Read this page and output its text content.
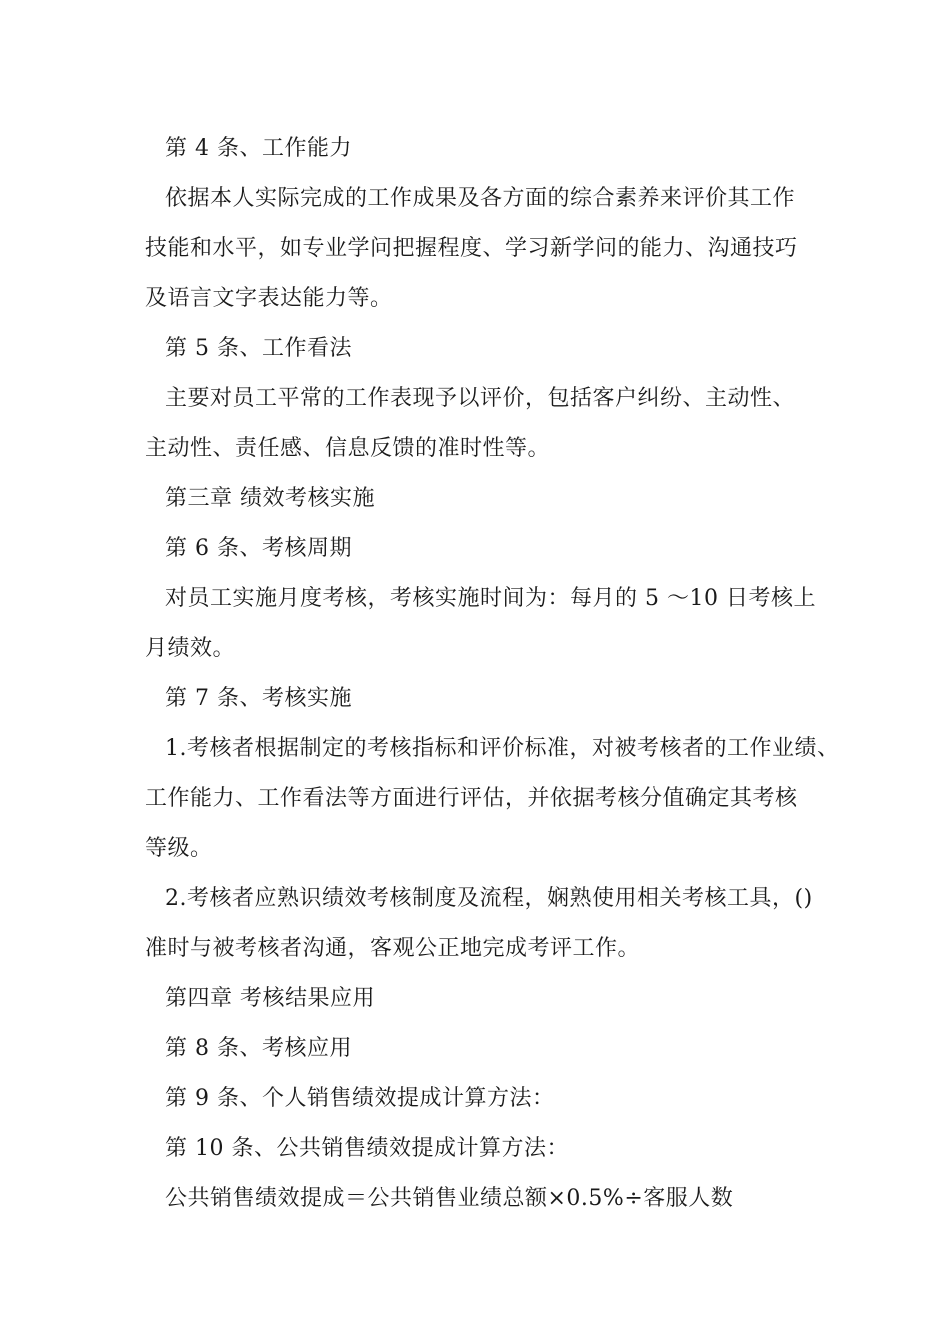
第 4 条、工作能力
依据本人实际完成的工作成果及各方面的综合素养来评价其工作
技能和水平，如专业学问把握程度、学习新学问的能力、沟通技巧
及语言文字表达能力等。
第 5 条、工作看法
主要对员工平常的工作表现予以评价，包括客户纠纷、主动性、
主动性、责任感、信息反馈的准时性等。
第三章 绩效考核实施
第 6 条、考核周期
对员工实施月度考核，考核实施时间为：每月的 5 ～10 日考核上
月绩效。
第 7 条、考核实施
1.考核者根据制定的考核指标和评价标准，对被考核者的工作业绩、
工作能力、工作看法等方面进行评估，并依据考核分值确定其考核
等级。
2.考核者应熟识绩效考核制度及流程，娴熟使用相关考核工具，()
准时与被考核者沟通，客观公正地完成考评工作。
第四章 考核结果应用
第 8 条、考核应用
第 9 条、个人销售绩效提成计算方法：
第 10 条、公共销售绩效提成计算方法：
公共销售绩效提成＝公共销售业绩总额×0.5%÷客服人数
